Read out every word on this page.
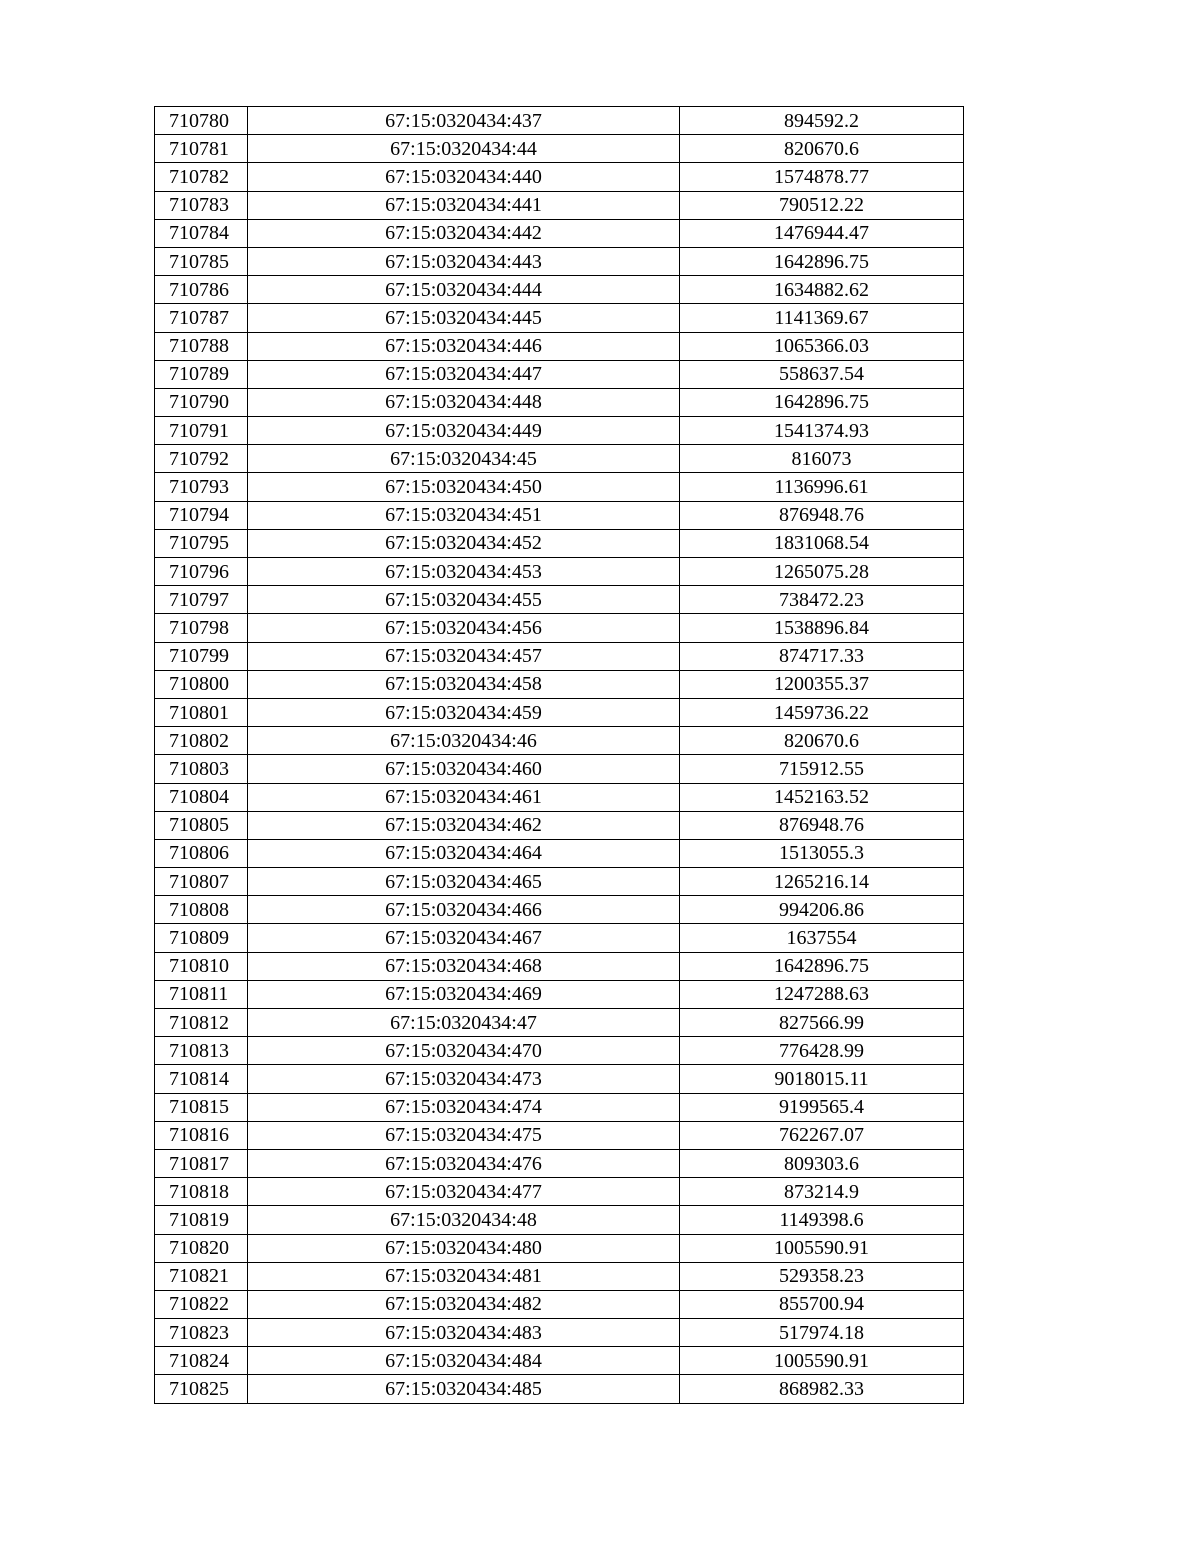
710780	67:15:0320434:437	894592.2
710781	67:15:0320434:44	820670.6
710782	67:15:0320434:440	1574878.77
710783	67:15:0320434:441	790512.22
710784	67:15:0320434:442	1476944.47
710785	67:15:0320434:443	1642896.75
710786	67:15:0320434:444	1634882.62
710787	67:15:0320434:445	1141369.67
710788	67:15:0320434:446	1065366.03
710789	67:15:0320434:447	558637.54
710790	67:15:0320434:448	1642896.75
710791	67:15:0320434:449	1541374.93
710792	67:15:0320434:45	816073
710793	67:15:0320434:450	1136996.61
710794	67:15:0320434:451	876948.76
710795	67:15:0320434:452	1831068.54
710796	67:15:0320434:453	1265075.28
710797	67:15:0320434:455	738472.23
710798	67:15:0320434:456	1538896.84
710799	67:15:0320434:457	874717.33
710800	67:15:0320434:458	1200355.37
710801	67:15:0320434:459	1459736.22
710802	67:15:0320434:46	820670.6
710803	67:15:0320434:460	715912.55
710804	67:15:0320434:461	1452163.52
710805	67:15:0320434:462	876948.76
710806	67:15:0320434:464	1513055.3
710807	67:15:0320434:465	1265216.14
710808	67:15:0320434:466	994206.86
710809	67:15:0320434:467	1637554
710810	67:15:0320434:468	1642896.75
710811	67:15:0320434:469	1247288.63
710812	67:15:0320434:47	827566.99
710813	67:15:0320434:470	776428.99
710814	67:15:0320434:473	9018015.11
710815	67:15:0320434:474	9199565.4
710816	67:15:0320434:475	762267.07
710817	67:15:0320434:476	809303.6
710818	67:15:0320434:477	873214.9
710819	67:15:0320434:48	1149398.6
710820	67:15:0320434:480	1005590.91
710821	67:15:0320434:481	529358.23
710822	67:15:0320434:482	855700.94
710823	67:15:0320434:483	517974.18
710824	67:15:0320434:484	1005590.91
710825	67:15:0320434:485	868982.33
